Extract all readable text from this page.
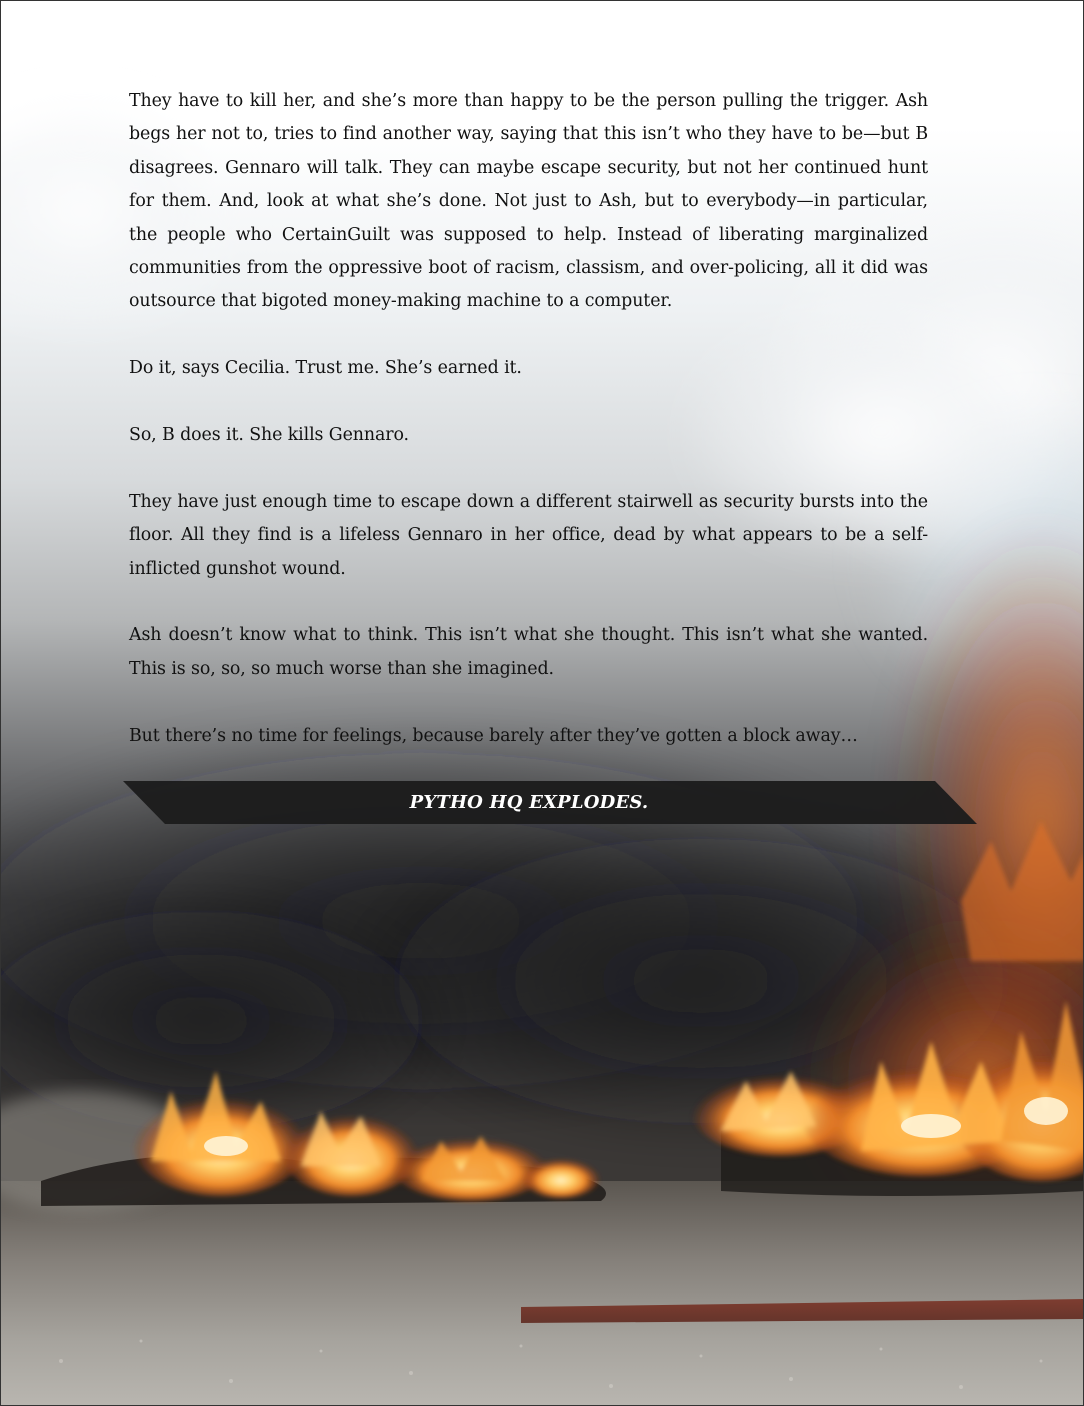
They have to kill her, and she’s more than happy to be the person pulling the trigger. Ash begs her not to, tries to find another way, saying that this isn’t who they have to be—but B disagrees. Gennaro will talk. They can maybe escape security, but not her continued hunt for them. And, look at what she’s done. Not just to Ash, but to everybody—in particular, the people who CertainGuilt was supposed to help. Instead of liberating marginalized communities from the oppressive boot of racism, classism, and over-policing, all it did was outsource that bigoted money-making machine to a computer.

Do it, says Cecilia. Trust me. She’s earned it.

So, B does it. She kills Gennaro.

They have just enough time to escape down a different stairwell as security bursts into the floor. All they find is a lifeless Gennaro in her office, dead by what appears to be a self-inflicted gunshot wound.

Ash doesn’t know what to think. This isn’t what she thought. This isn’t what she wanted. This is so, so, so much worse than she imagined.

But there’s no time for feelings, because barely after they’ve gotten a block away…

PYTHO HQ EXPLODES.
